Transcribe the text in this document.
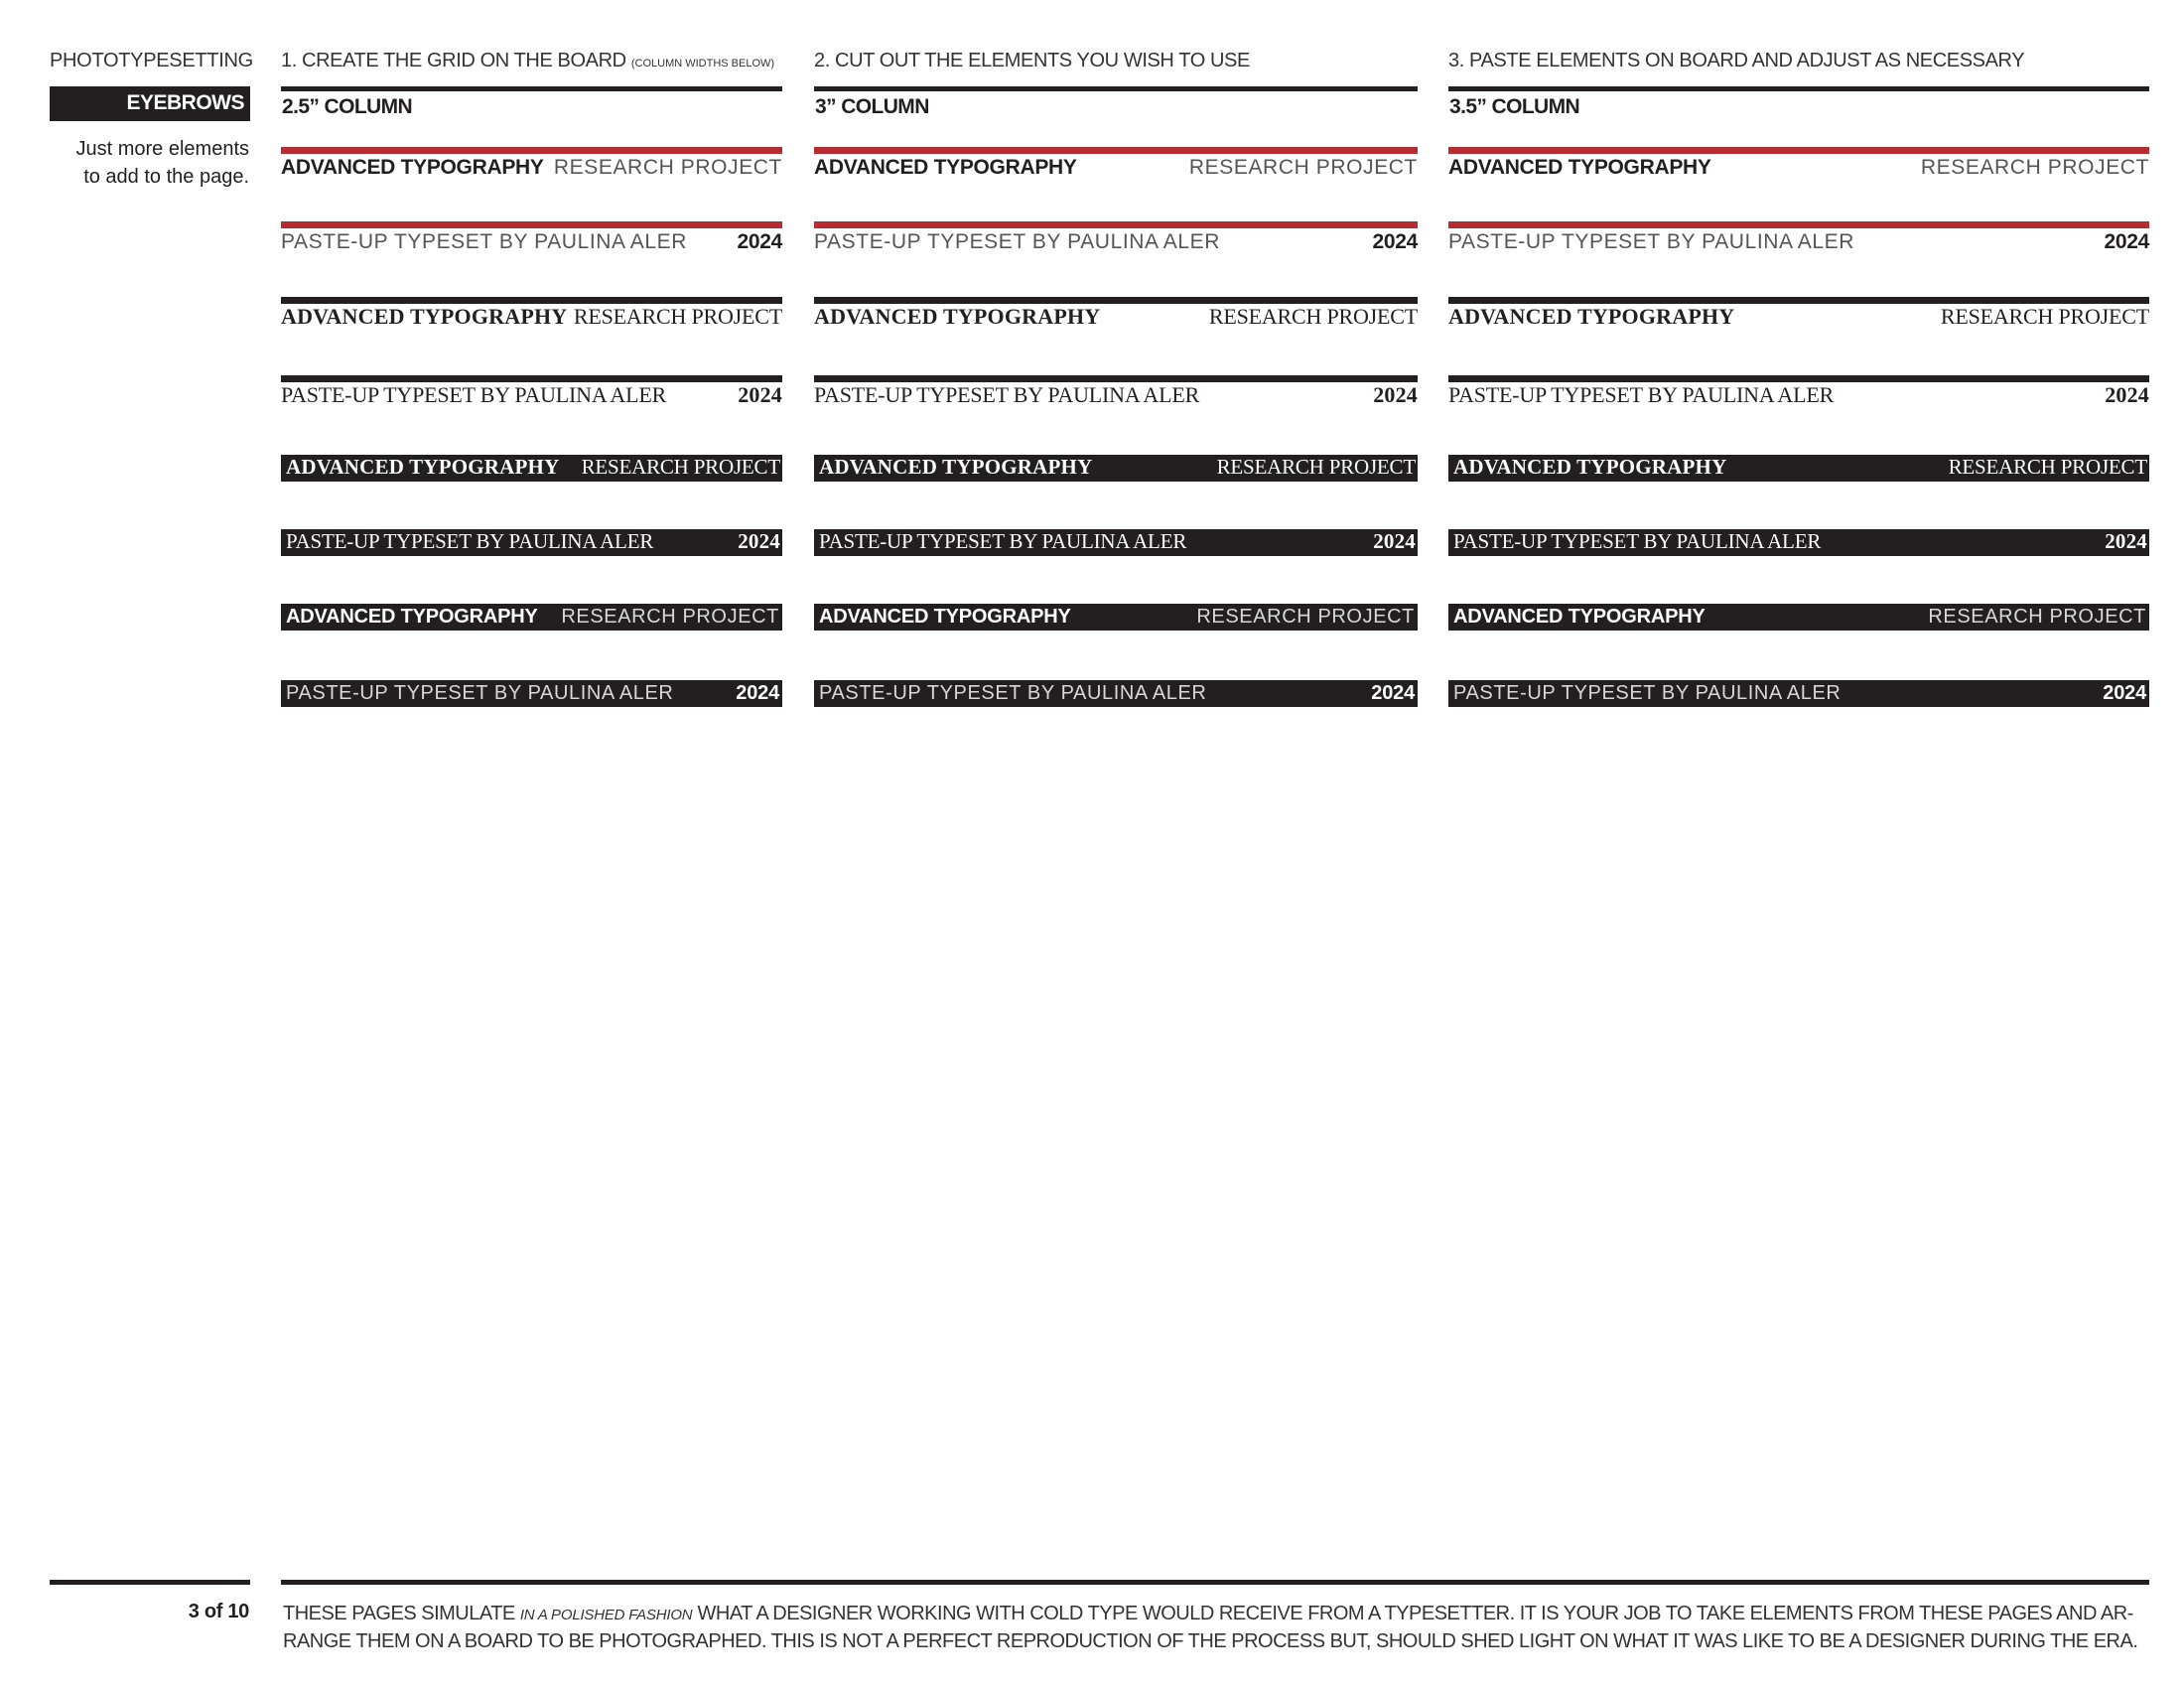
PHOTOTYPESETTING
EYEBROWS
Just more elements
to add to the page.
1. CREATE THE GRID ON THE BOARD (COLUMN WIDTHS BELOW)
2.5” COLUMN
2. CUT OUT THE ELEMENTS YOU WISH TO USE
3” COLUMN
3. PASTE ELEMENTS ON BOARD AND ADJUST AS NECESSARY
3.5” COLUMN
ADVANCED TYPOGRAPHY RESEARCH PROJECT ADVANCED TYPOGRAPHY	RESEARCH PROJECT ADVANCED TYPOGRAPHY	RESEARCH PROJECT
PASTE-UP TYPESET BY PAULINA ALER 2024 PASTE-UP TYPESET BY PAULINA ALER	2024 PASTE-UP TYPESET BY PAULINA ALER	2024
ADVANCED TYPOGRAPHY RESEARCH PROJECT ADVANCED TYPOGRAPHY	RESEARCH PROJECT ADVANCED TYPOGRAPHY	RESEARCH PROJECT
PASTE-UP TYPESET BY PAULINA ALER	2024 PASTE-UP TYPESET BY PAULINA ALER	2024 PASTE-UP TYPESET BY PAULINA ALER	2024
ADVANCED TYPOGRAPHY RESEARCH PROJECT ADVANCED TYPOGRAPHY	RESEARCH PROJECT ADVANCED TYPOGRAPHY	RESEARCH PROJECT
PASTE-UP TYPESET BY PAULINA ALER	2024 PASTE-UP TYPESET BY PAULINA ALER	2024 PASTE-UP TYPESET BY PAULINA ALER	2024
ADVANCED TYPOGRAPHY RESEARCH PROJECT ADVANCED TYPOGRAPHY	RESEARCH PROJECT ADVANCED TYPOGRAPHY	RESEARCH PROJECT
PASTE-UP TYPESET BY PAULINA ALER	2024 PASTE-UP TYPESET BY PAULINA ALER	2024 PASTE-UP TYPESET BY PAULINA ALER	2024
3 of 10 THESE PAGES SIMULATE IN A POLISHED FASHION WHAT A DESIGNER WORKING WITH COLD TYPE WOULD RECEIVE FROM A TYPESETTER. IT IS YOUR JOB TO TAKE ELEMENTS FROM THESE PAGES AND AR-
RANGE THEM ON A BOARD TO BE PHOTOGRAPHED. THIS IS NOT A PERFECT REPRODUCTION OF THE PROCESS BUT, SHOULD SHED LIGHT ON WHAT IT WAS LIKE TO BE A DESIGNER DURING THE ERA.
